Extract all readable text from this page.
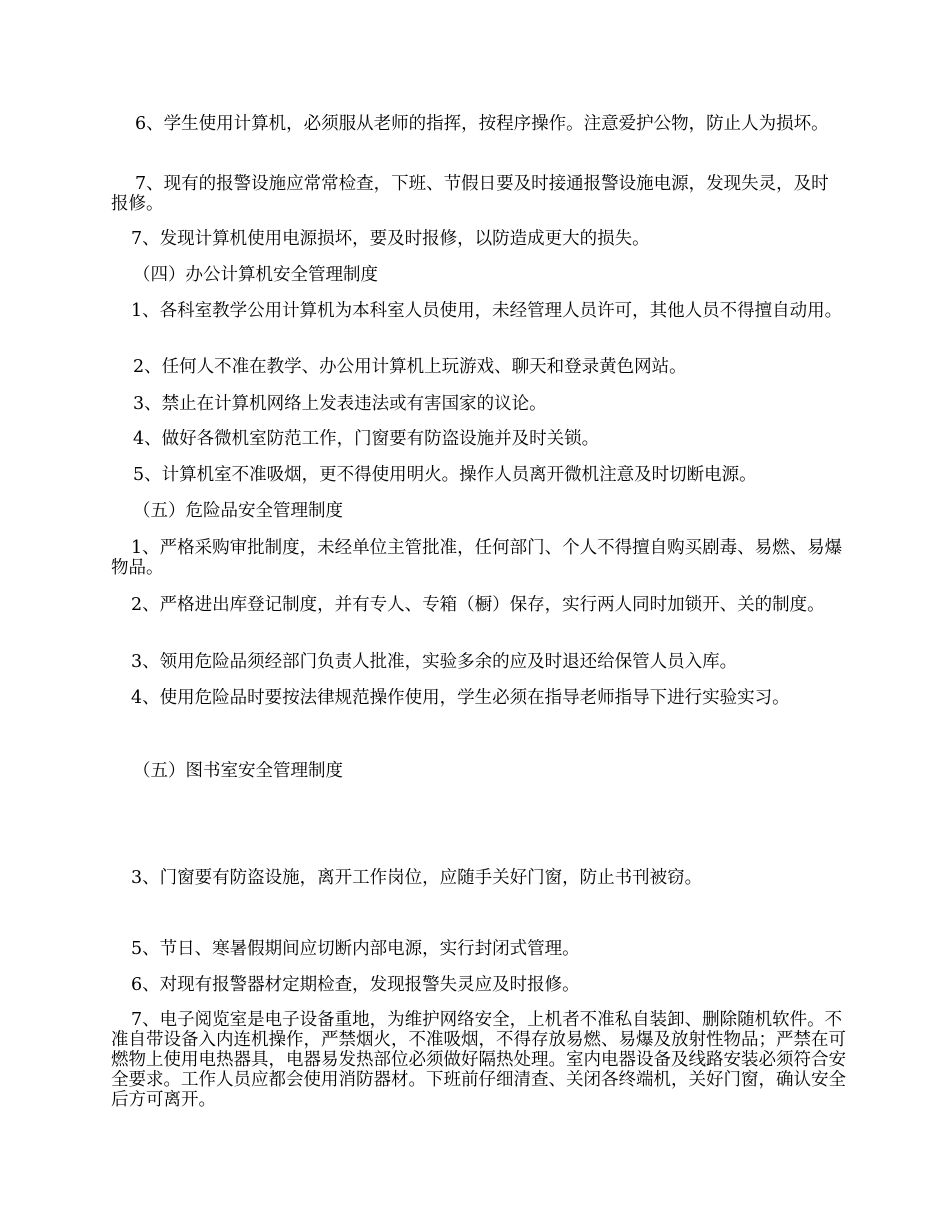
6、学生使用计算机，必须服从老师的指挥，按程序操作。注意爱护公物，防止人为损坏。

7、现有的报警设施应常常检查，下班、节假日要及时接通报警设施电源，发现失灵，及时报修。

7、发现计算机使用电源损坏，要及时报修，以防造成更大的损失。

（四）办公计算机安全管理制度

1、各科室教学公用计算机为本科室人员使用，未经管理人员许可，其他人员不得擅自动用。

2、任何人不准在教学、办公用计算机上玩游戏、聊天和登录黄色网站。

3、禁止在计算机网络上发表违法或有害国家的议论。

4、做好各微机室防范工作，门窗要有防盗设施并及时关锁。

5、计算机室不准吸烟，更不得使用明火。操作人员离开微机注意及时切断电源。

（五）危险品安全管理制度

1、严格采购审批制度，未经单位主管批准，任何部门、个人不得擅自购买剧毒、易燃、易爆物品。

2、严格进出库登记制度，并有专人、专箱（橱）保存，实行两人同时加锁开、关的制度。

3、领用危险品须经部门负责人批准，实验多余的应及时退还给保管人员入库。

4、使用危险品时要按法律规范操作使用，学生必须在指导老师指导下进行实验实习。

（五）图书室安全管理制度

3、门窗要有防盗设施，离开工作岗位，应随手关好门窗，防止书刊被窃。

5、节日、寒暑假期间应切断内部电源，实行封闭式管理。

6、对现有报警器材定期检查，发现报警失灵应及时报修。

7、电子阅览室是电子设备重地，为维护网络安全，上机者不准私自装卸、删除随机软件。不准自带设备入内连机操作，严禁烟火，不准吸烟，不得存放易燃、易爆及放射性物品；严禁在可燃物上使用电热器具，电器易发热部位必须做好隔热处理。室内电器设备及线路安装必须符合安全要求。工作人员应都会使用消防器材。下班前仔细清查、关闭各终端机，关好门窗，确认安全后方可离开。
